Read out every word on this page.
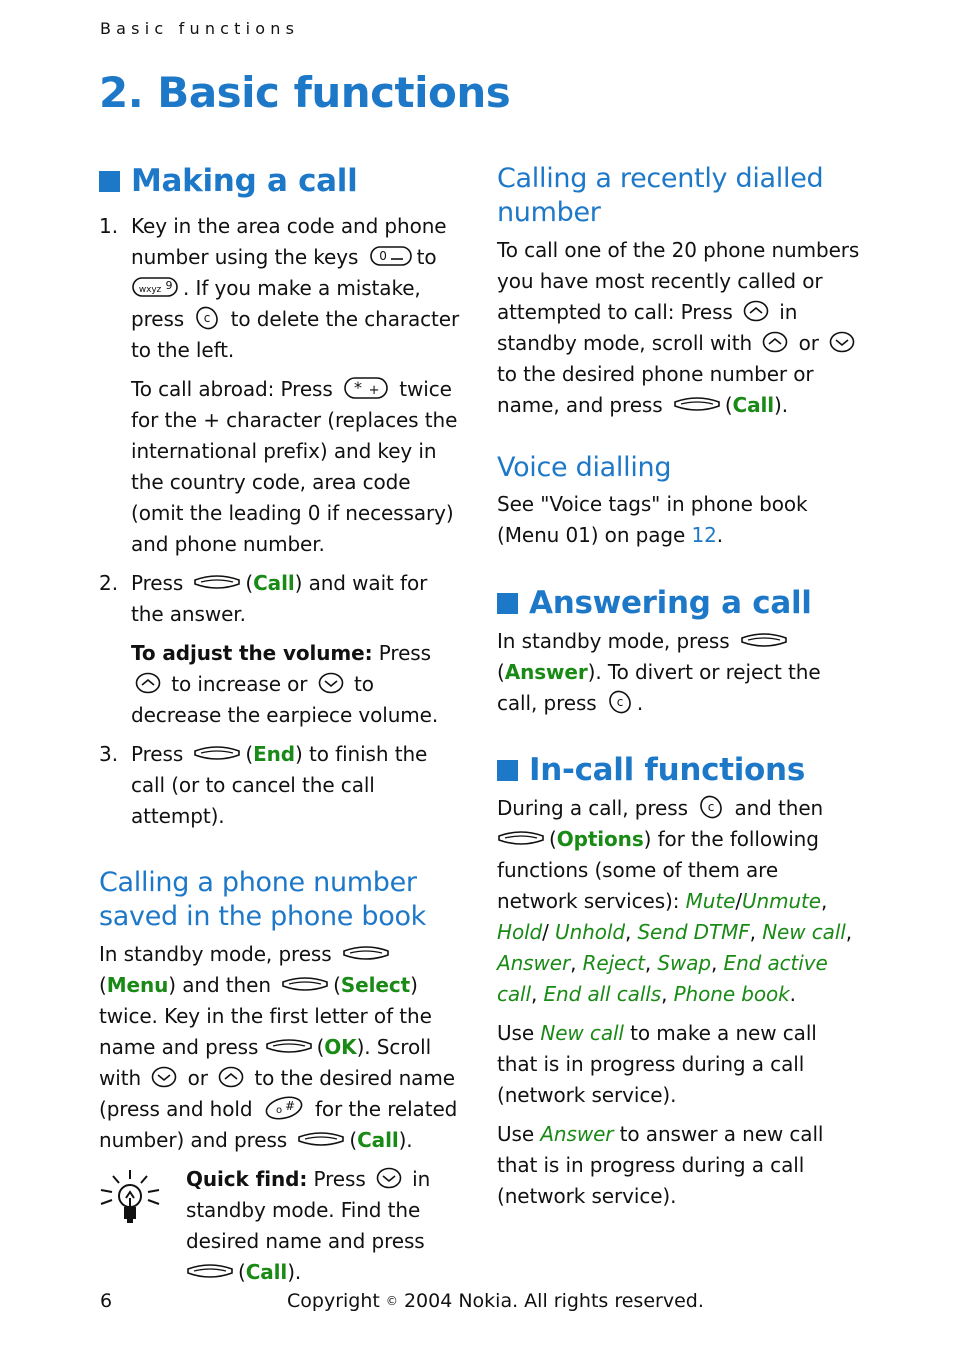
Basic functions
2. Basic functions
Making a call
1. Key in the area code and phone number using the keys	to . If you make a mistake, press to delete the character to the left.
To call abroad: Press	twice for the + character (replaces the international prefix) and key in the country code, area code (omit the leading 0 if necessary) and phone number.
2. Press	(Call) and wait for the answer.
To adjust the volume: Press  to increase or to decrease the earpiece volume.
3. Press	(End) to finish the call (or to cancel the call attempt).
Calling a phone number saved in the phone book

In standby mode, press (Menu) and then	(Select) twice. Key in the first letter of the name and press	(OK). Scroll with or to the desired name (press and hold	for the related number) and press	(Call).

Quick find: Press in standby mode. Find the desired name and press (Call).

Calling a recently dialled number

To call one of the 20 phone numbers you have most recently called or attempted to call: Press in standby mode, scroll with or  to the desired phone number or name, and press	(Call).

Voice dialling

See "Voice tags" in phone book (Menu 01) on page 12.

Answering a call

In standby mode, press  (Answer). To divert or reject the call, press .

In-call functions

During a call, press and then (Options) for the following functions (some of them are network services): Mute/Unmute, Hold/ Unhold, Send DTMF, New call, Answer, Reject, Swap, End active call, End all calls, Phone book.

Use New call to make a new call that is in progress during a call (network service).

Use Answer to answer a new call that is in progress during a call (network service).

6	Copyright © 2004 Nokia. All rights reserved.
